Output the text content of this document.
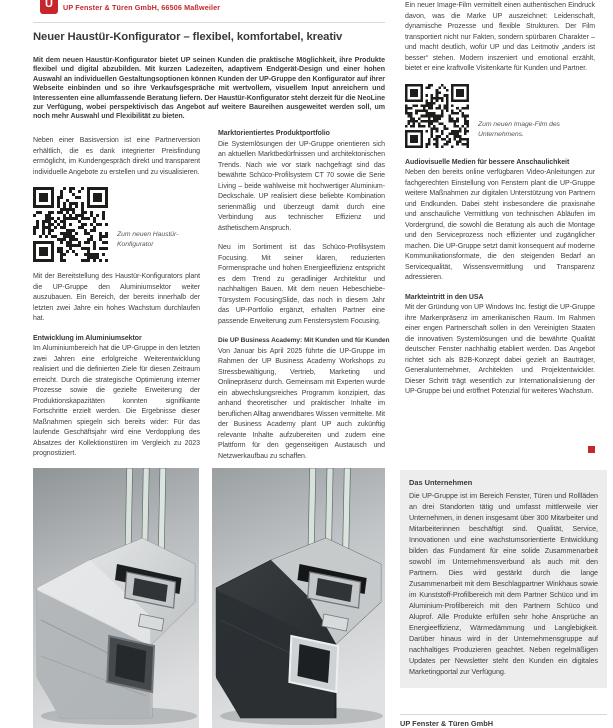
U UP Fenster & Türen GmbH, 66506 Maßweiler
Neuer Haustür-Konfigurator – flexibel, komfortabel, kreativ

Mit dem neuen Haustür-Konfigurator bietet UP seinen Kunden die praktische Möglichkeit, ihre Produkte flexibel und digital abzubilden. Mit kurzen Ladezeiten, adaptivem Endgerät-Design und einer hohen Auswahl an individuellen Gestaltungsoptionen können Kunden der UP-Gruppe den Konfigurator auf ihrer Webseite einbinden und so ihre Verkaufsgespräche mit wertvollem, visuellem Input anreichern und Interessenten eine allumfassende Beratung liefern. Der Haustür-Konfigurator steht derzeit für die NeoLine zur Verfügung, wobei perspektivisch das Angebot auf weitere Baureihen ausgeweitet werden soll, um noch mehr Auswahl und Flexibilität zu bieten.

Neben einer Basisversion ist eine Partnerversion erhältlich, die es dank integrierter Preisfindung ermöglicht, im Kundengespräch direkt und transparent individuelle Angebote zu erstellen und zu visualisieren.

Zum neuen Haustür-Konfigurator

Mit der Bereitstellung des Haustür-Konfigurators plant die UP-Gruppe den Aluminiumsektor weiter auszubauen. Ein Bereich, der bereits innerhalb der letzten zwei Jahre ein hohes Wachstum durchlaufen hat.

Entwicklung im Aluminiumsektor

Im Aluminiumbereich hat die UP-Gruppe in den letzten zwei Jahren eine erfolgreiche Weiterentwicklung realisiert und die definierten Ziele für diesen Zeitraum erreicht. Durch die strategische Optimierung interner Prozesse sowie die gezielte Erweiterung der Produktionskapazitäten konnten signifikante Fortschritte erzielt werden. Die Ergebnisse dieser Maßnahmen spiegeln sich bereits wider: Für das laufende Geschäftsjahr wird eine Verdopplung des Absatzes der Kollektionstüren im Vergleich zu 2023 prognostiziert.

Marktorientiertes Produktportfolio

Die Systemlösungen der UP-Gruppe orientieren sich an aktuellen Marktbedürfnissen und architektonischen Trends. Nach wie vor stark nachgefragt sind das bewährte Schüco-Profilsystem CT 70 sowie die Serie Living – beide wahlweise mit hochwertiger Aluminium-Deckschale. UP realisiert diese beliebte Kombination serienmäßig und überzeugt damit durch eine Verbindung aus technischer Effizienz und ästhetischem Anspruch.

Neu im Sortiment ist das Schüco-Profilsystem Focusing. Mit seiner klaren, reduzierten Formensprache und hohen Energieeffizienz entspricht es dem Trend zu geradliniger Architektur und nachhaltigen Bauen. Mit dem neuen Hebeschiebe-Türsystem FocusingSlide, das noch in diesem Jahr das UP-Portfolio ergänzt, erhalten Partner eine passende Erweiterung zum Fenstersystem Focusing.

Die UP Business Academy: Mit Kunden und für Kunden

Von Januar bis April 2025 führte die UP-Gruppe im Rahmen der UP Business Academy Workshops zu Stressbewältigung, Vertrieb, Marketing und Onlinepräsenz durch. Gemeinsam mit Experten wurde ein abwechslungsreiches Programm konzipiert, das anhand theoretischer und praktischer Inhalte im beruflichen Alltag anwendbares Wissen vermittelte. Mit der Business Academy plant UP auch zukünftig relevante Inhalte aufzubereiten und zudem eine Plattform für den gegenseitigen Austausch und Netzwerkaufbau zu schaffen.

Ein neuer Image-Film vermittelt einen authentischen Eindruck davon, was die Marke UP auszeichnet: Leidenschaft, dynamische Prozesse und flexible Strukturen. Der Film transportiert nicht nur Fakten, sondern spürbaren Charakter – und macht deutlich, wofür UP und das Leitmotiv „anders ist besser“ stehen. Modern inszeniert und emotional erzählt, bietet er eine kraftvolle Visitenkarte für Kunden und Partner.

Zum neuen Image-Film des Unternehmens.
Audiovisuelle Medien für bessere Anschaulichkeit

Neben den bereits online verfügbaren Video-Anleitungen zur fachgerechten Einstellung von Fenstern plant die UP-Gruppe weitere Maßnahmen zur digitalen Unterstützung von Partnern und Endkunden. Dabei steht insbesondere die praxisnahe und anschauliche Vermittlung von technischen Abläufen im Vordergrund, die sowohl die Beratung als auch die Montage und den Serviceprozess noch effizienter und zugänglicher machen. Die UP-Gruppe setzt damit konsequent auf moderne Kommunikationsformate, die den steigenden Bedarf an Servicequalität, Wissensvermittlung und Transparenz adressieren.

Markteintritt in den USA

Mit der Gründung von UP Windows Inc. festigt die UP-Gruppe ihre Markenpräsenz im amerikanischen Raum. Im Rahmen einer engen Partnerschaft sollen in den Vereinigten Staaten die innovativen Systemlösungen und die bewährte Qualität deutscher Fenster nachhaltig etabliert werden. Das Angebot richtet sich als B2B-Konzept dabei gezielt an Bauträger, Generalunternehmer, Architekten und Projektentwickler. Dieser Schritt trägt wesentlich zur Internationalisierung der UP-Gruppe bei und eröffnet Potenzial für weiteres Wachstum.

Das Unternehmen

Die UP-Gruppe ist im Bereich Fenster, Türen und Rollläden an drei Standorten tätig und umfasst mittlerweile vier Unternehmen, in denen insgesamt über 300 Mitarbeiter und Mitarbeiterinnen beschäftigt sind. Qualität, Service, Innovationen und eine wachstumsorientierte Entwicklung bilden das Fundament für eine solide Zusammenarbeit sowohl im Unternehmensverbund als auch mit den Partnern. Dies wird gestärkt durch die lange Zusammenarbeit mit dem Beschlagpartner Winkhaus sowie im Kunststoff-Profilbereich mit dem Partner Schüco und im Aluminium-Profilbereich mit den Partnern Schüco und Aluprof. Alle Produkte erfüllen sehr hohe Ansprüche an Energieeffizienz, Wärmedämmung und Langlebigkeit. Darüber hinaus wird in der Unternehmensgruppe auf nachhaltiges Produzieren geachtet. Neben regelmäßigen Updates per Newsletter steht den Kunden ein digitales Marketingportal zur Verfügung.

UP Fenster & Türen GmbH
